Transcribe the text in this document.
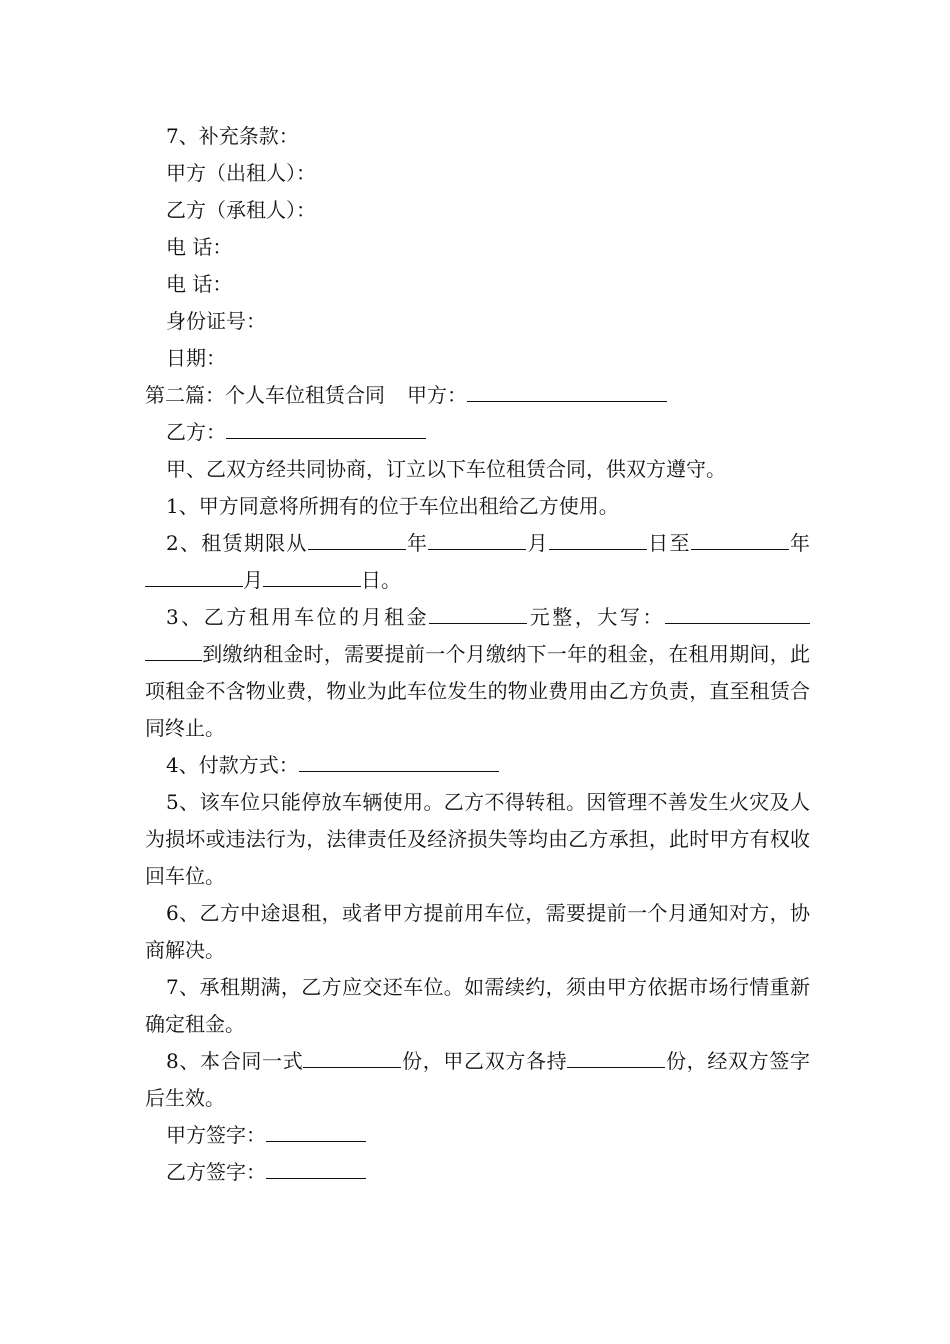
7、补充条款：
甲方（出租人）：
乙方（承租人）：
电 话：
电 话：
身份证号：
日期：
第二篇：个人车位租赁合同 甲方：
乙方：
甲、乙双方经共同协商，订立以下车位租赁合同，供双方遵守。
1、甲方同意将所拥有的位于车位出租给乙方使用。
2、租赁期限从	年	月	日至	年月	日。
3、乙方租用车位的月租金	元整，大写：到缴纳租金时，需要提前一个月缴纳下一年的租金，在租用期间，此项租金不含物业费，物业为此车位发生的物业费用由乙方负责，直至租赁合同终止。
4、付款方式：
5、该车位只能停放车辆使用。乙方不得转租。因管理不善发生火灾及人为损坏或违法行为，法律责任及经济损失等均由乙方承担，此时甲方有权收回车位。
6、乙方中途退租，或者甲方提前用车位，需要提前一个月通知对方，协商解决。
7、承租期满，乙方应交还车位。如需续约，须由甲方依据市场行情重新确定租金。
8、本合同一式	份，甲乙双方各持	份，经双方签字后生效。
甲方签字：
乙方签字：
